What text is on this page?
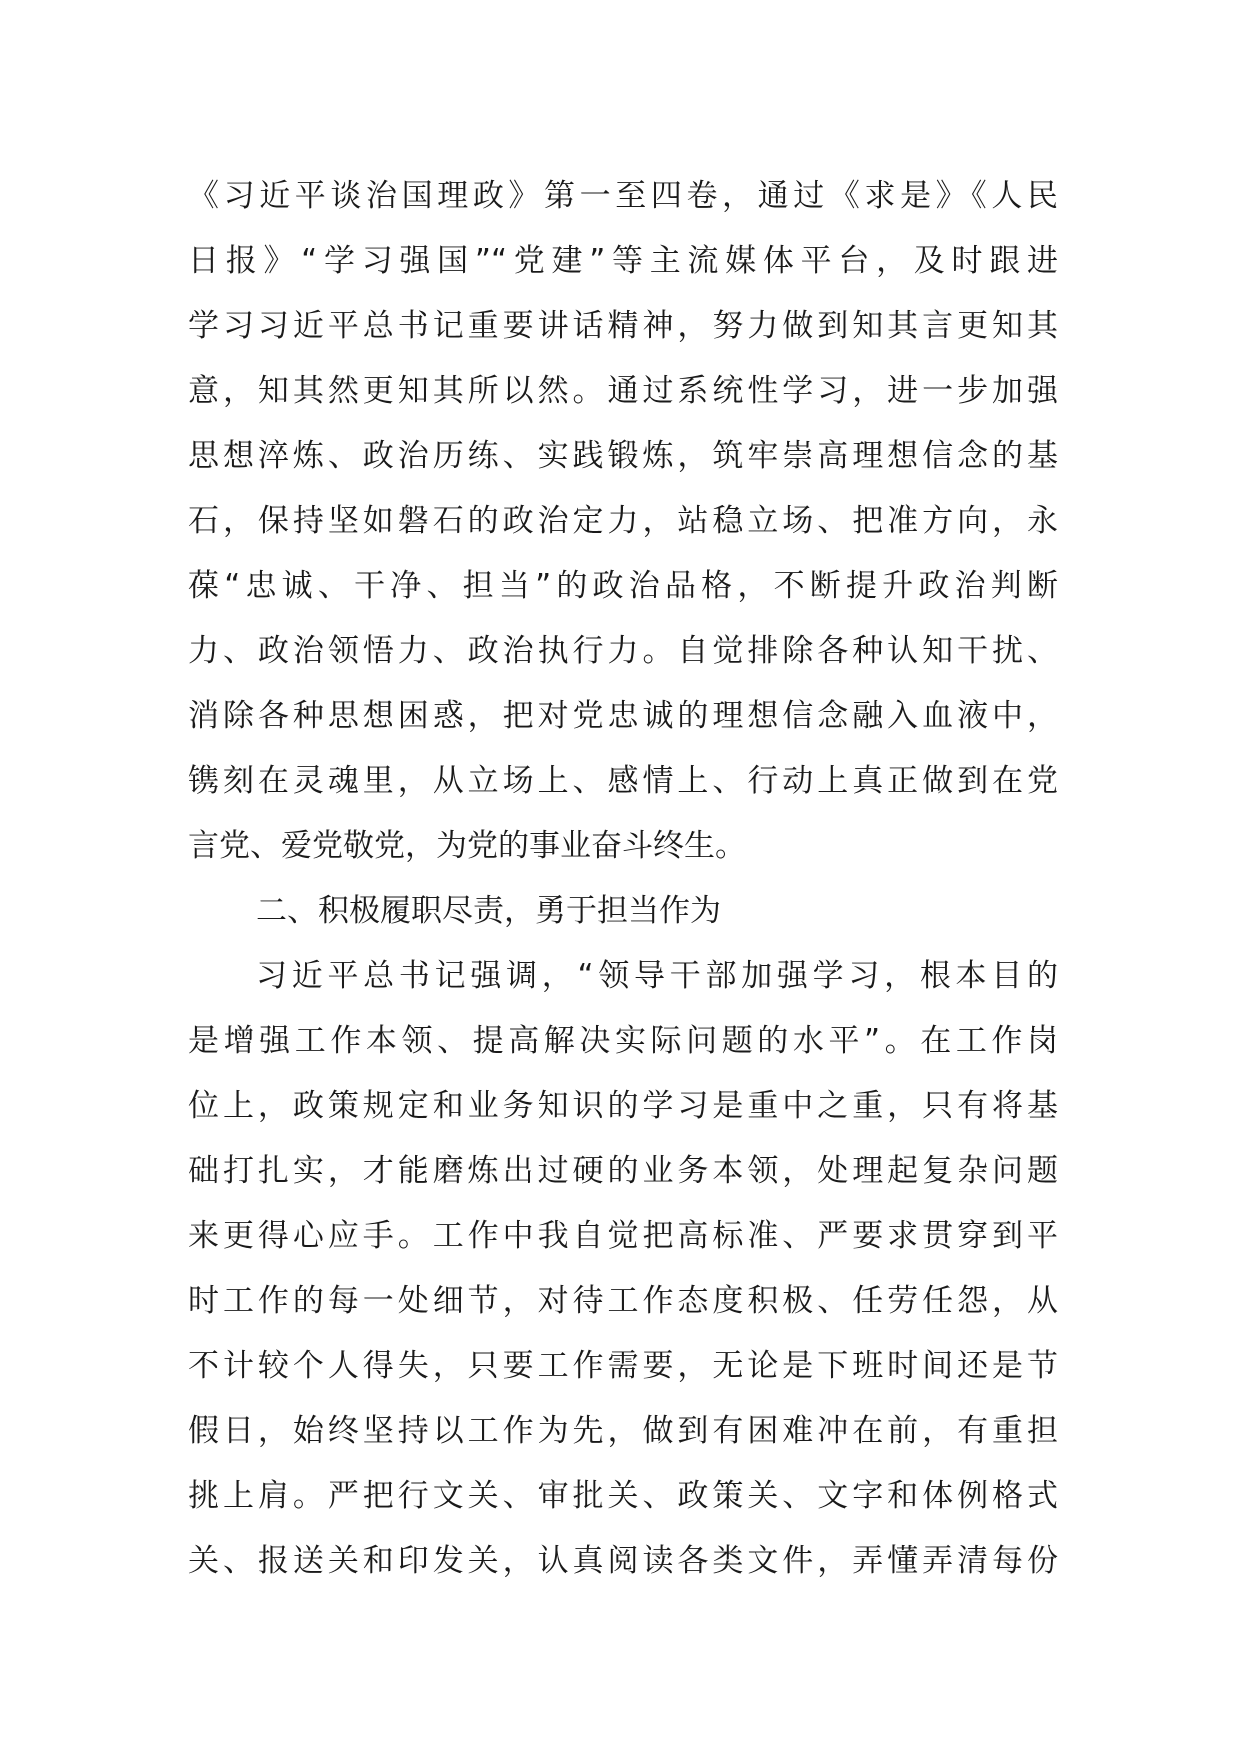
《习近平谈治国理政》第一至四卷，通过《求是》《人民
日报》“学习强国”“党建”等主流媒体平台，及时跟进
学习习近平总书记重要讲话精神，努力做到知其言更知其
意，知其然更知其所以然。通过系统性学习，进一步加强
思想淬炼、政治历练、实践锻炼，筑牢崇高理想信念的基
石，保持坚如磐石的政治定力，站稳立场、把准方向，永
葆“忠诚、干净、担当”的政治品格，不断提升政治判断
力、政治领悟力、政治执行力。自觉排除各种认知干扰、
消除各种思想困惑，把对党忠诚的理想信念融入血液中，
镌刻在灵魂里，从立场上、感情上、行动上真正做到在党
言党、爱党敬党，为党的事业奋斗终生。
二、积极履职尽责，勇于担当作为
习近平总书记强调，“领导干部加强学习，根本目的
是增强工作本领、提高解决实际问题的水平”。在工作岗
位上，政策规定和业务知识的学习是重中之重，只有将基
础打扎实，才能磨炼出过硬的业务本领，处理起复杂问题
来更得心应手。工作中我自觉把高标准、严要求贯穿到平
时工作的每一处细节，对待工作态度积极、任劳任怨，从
不计较个人得失，只要工作需要，无论是下班时间还是节
假日，始终坚持以工作为先，做到有困难冲在前，有重担
挑上肩。严把行文关、审批关、政策关、文字和体例格式
关、报送关和印发关，认真阅读各类文件，弄懂弄清每份
